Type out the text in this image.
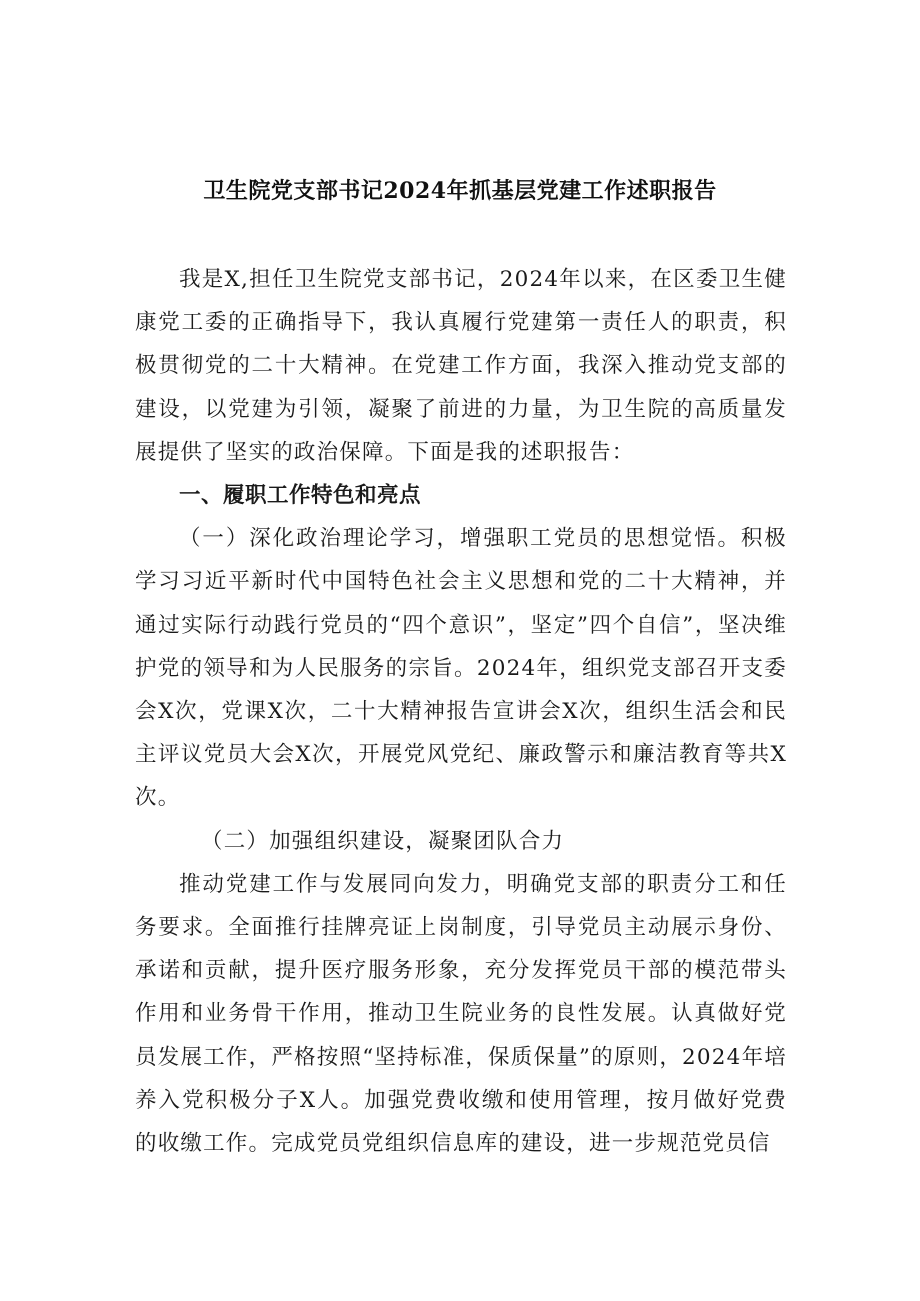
卫生院党支部书记2024年抓基层党建工作述职报告

我是X,担任卫生院党支部书记，2024年以来，在区委卫生健康党工委的正确指导下，我认真履行党建第一责任人的职责，积极贯彻党的二十大精神。在党建工作方面，我深入推动党支部的建设，以党建为引领，凝聚了前进的力量，为卫生院的高质量发展提供了坚实的政治保障。下面是我的述职报告：

一、履职工作特色和亮点

（一）深化政治理论学习，增强职工党员的思想觉悟。积极学习习近平新时代中国特色社会主义思想和党的二十大精神，并通过实际行动践行党员的“四个意识”，坚定”四个自信”，坚决维护党的领导和为人民服务的宗旨。2024年，组织党支部召开支委会X次，党课X次，二十大精神报告宣讲会X次，组织生活会和民主评议党员大会X次，开展党风党纪、廉政警示和廉洁教育等共X次。

（二）加强组织建设，凝聚团队合力

推动党建工作与发展同向发力，明确党支部的职责分工和任务要求。全面推行挂牌亮证上岗制度，引导党员主动展示身份、承诺和贡献，提升医疗服务形象，充分发挥党员干部的模范带头作用和业务骨干作用，推动卫生院业务的良性发展。认真做好党员发展工作，严格按照“坚持标准，保质保量”的原则，2024年培养入党积极分子X人。加强党费收缴和使用管理，按月做好党费的收缴工作。完成党员党组织信息库的建设，进一步规范党员信
